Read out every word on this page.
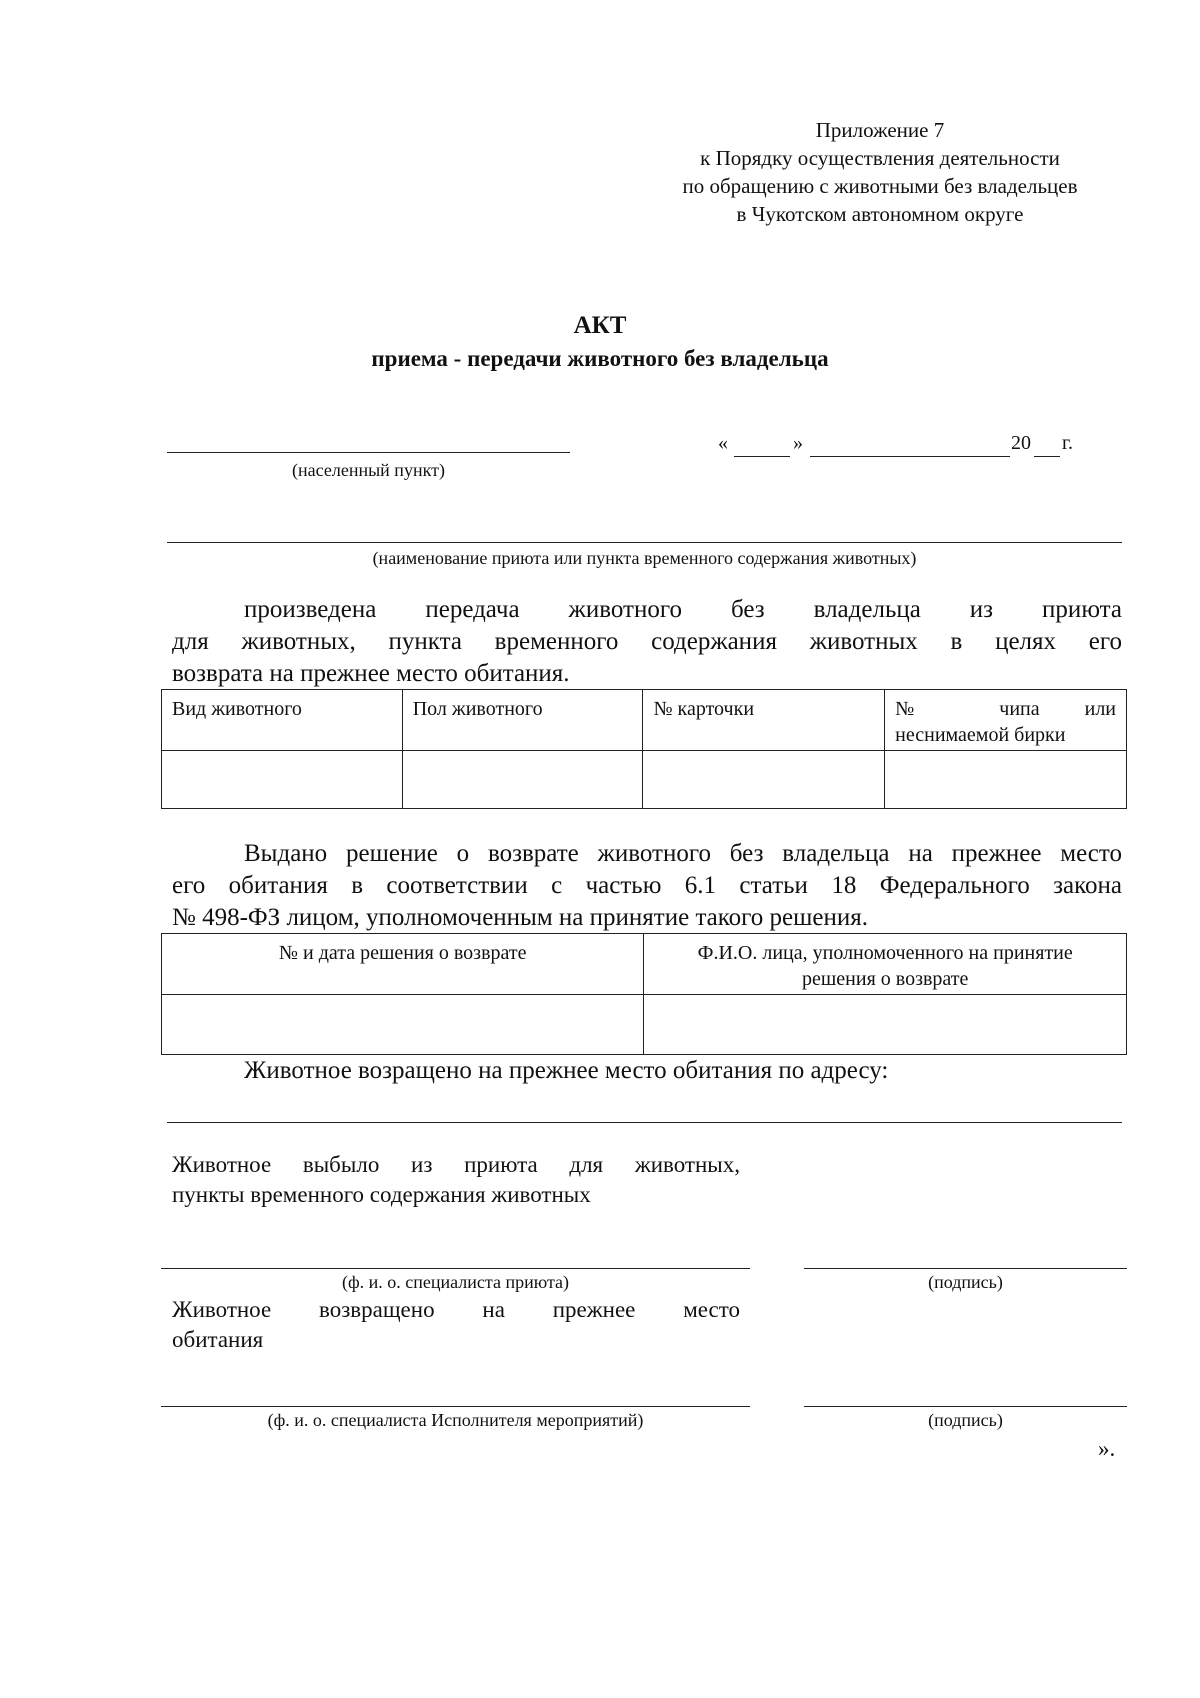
Приложение 7
к Порядку осуществления деятельности
по обращению с животными без владельцев
в Чукотском автономном округе
АКТ
приема - передачи животного без владельца
(населенный пункт)
«	»	20 г.
(наименование приюта или пункта временного содержания животных)
произведена передача животного без владельца из приюта
для животных, пункта временного содержания животных в целях его
возврата на прежнее место обитания.
Вид животного	Пол животного	№ карточки	№ чипа или
неснимаемой бирки

Выдано решение о возврате животного без владельца на прежнее место
его обитания в соответствии с частью 6.1 статьи 18 Федерального закона
№ 498-ФЗ лицом, уполномоченным на принятие такого решения.
№ и дата решения о возврате	Ф.И.О. лица, уполномоченного на принятие
решения о возврате

Животное возращено на прежнее место обитания по адресу:
Животное выбыло из приюта для животных,
пункты временного содержания животных
(ф. и. о. специалиста приюта)	(подпись)
Животное возвращено на прежнее место
обитания
(ф. и. о. специалиста Исполнителя мероприятий)	(подпись)
».
